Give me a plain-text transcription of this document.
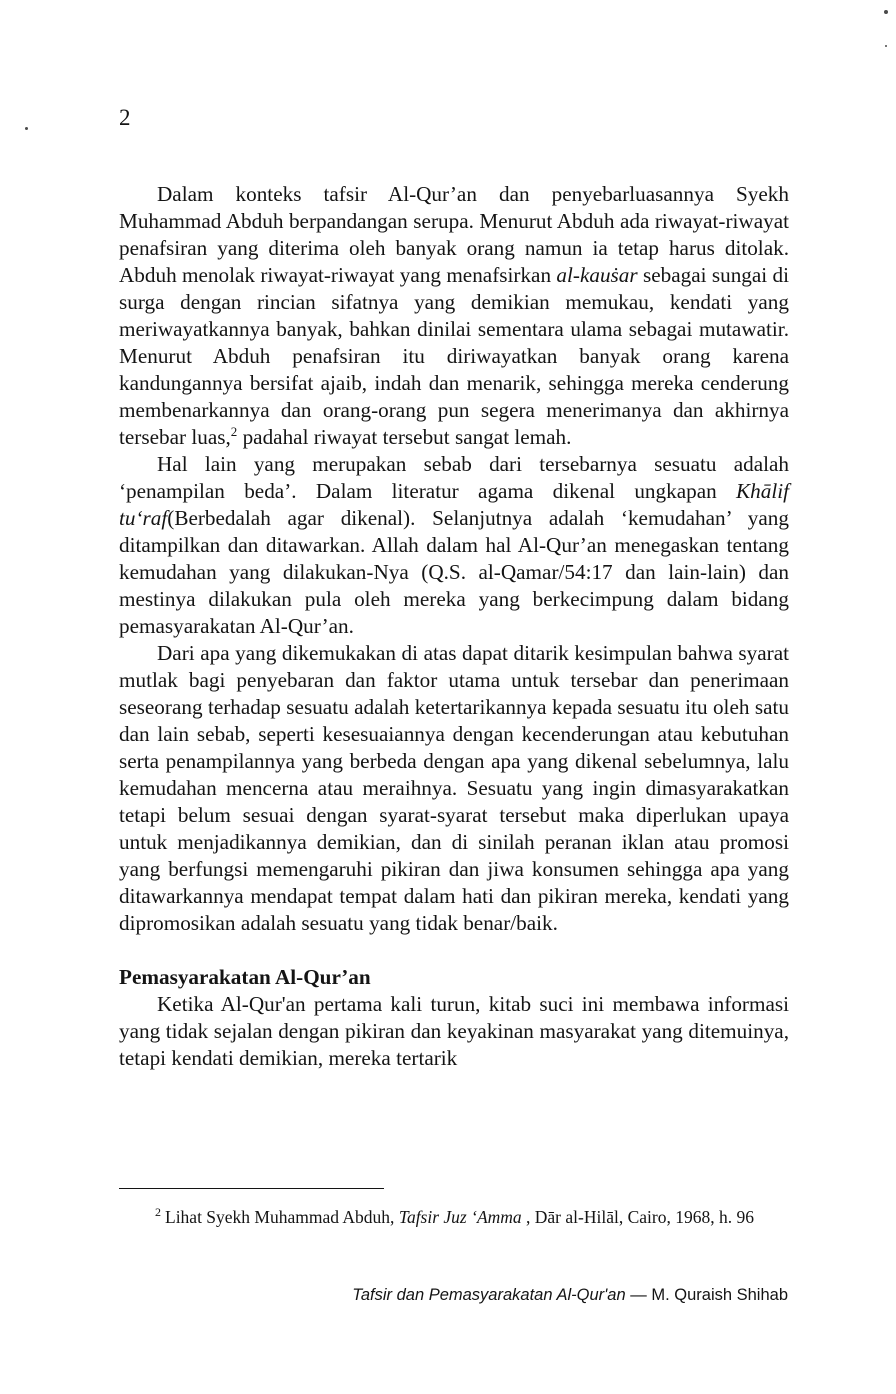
2

Dalam konteks tafsir Al-Qur’an dan penyebarluasannya Syekh Muhammad Abduh berpandangan serupa. Menurut Abduh ada riwayat-riwayat penafsiran yang diterima oleh banyak orang namun ia tetap harus ditolak. Abduh menolak riwayat-riwayat yang menafsirkan al-kauṡar sebagai sungai di surga dengan rincian sifatnya yang demikian memukau, kendati yang meriwayatkannya banyak, bahkan dinilai sementara ulama sebagai mutawatir. Menurut Abduh penafsiran itu diriwayatkan banyak orang karena kandungannya bersifat ajaib, indah dan menarik, sehingga mereka cenderung membenarkannya dan orang-orang pun segera menerimanya dan akhirnya tersebar luas,$^2$ padahal riwayat tersebut sangat lemah.

Hal lain yang merupakan sebab dari tersebarnya sesuatu adalah ‘penampilan beda’. Dalam literatur agama dikenal ungkapan Khālif tu‘raf(Berbedalah agar dikenal). Selanjutnya adalah ‘kemudahan’ yang ditampilkan dan ditawarkan. Allah dalam hal Al-Qur’an menegaskan tentang kemudahan yang dilakukan-Nya (Q.S. al-Qamar/54:17 dan lain-lain) dan mestinya dilakukan pula oleh mereka yang berkecimpung dalam bidang pemasyarakatan Al-Qur’an.

Dari apa yang dikemukakan di atas dapat ditarik kesimpulan bahwa syarat mutlak bagi penyebaran dan faktor utama untuk tersebar dan penerimaan seseorang terhadap sesuatu adalah ketertarikannya kepada sesuatu itu oleh satu dan lain sebab, seperti kesesuaiannya dengan kecenderungan atau kebutuhan serta penampilannya yang berbeda dengan apa yang dikenal sebelumnya, lalu kemudahan mencerna atau meraihnya. Sesuatu yang ingin dimasyarakatkan tetapi belum sesuai dengan syarat-syarat tersebut maka diperlukan upaya untuk menjadikannya demikian, dan di sinilah peranan iklan atau promosi yang berfungsi memengaruhi pikiran dan jiwa konsumen sehingga apa yang ditawarkannya mendapat tempat dalam hati dan pikiran mereka, kendati yang dipromosikan adalah sesuatu yang tidak benar/baik.

Pemasyarakatan Al-Qur’an

Ketika Al-Qur'an pertama kali turun, kitab suci ini membawa informasi yang tidak sejalan dengan pikiran dan keyakinan masyarakat yang ditemuinya, tetapi kendati demikian, mereka tertarik

$^2$ Lihat Syekh Muhammad Abduh, Tafsir Juz ‘Amma , Dār al-Hilāl, Cairo, 1968, h. 96
Tafsir dan Pemasyarakatan Al-Qur'an — M. Quraish Shihab
